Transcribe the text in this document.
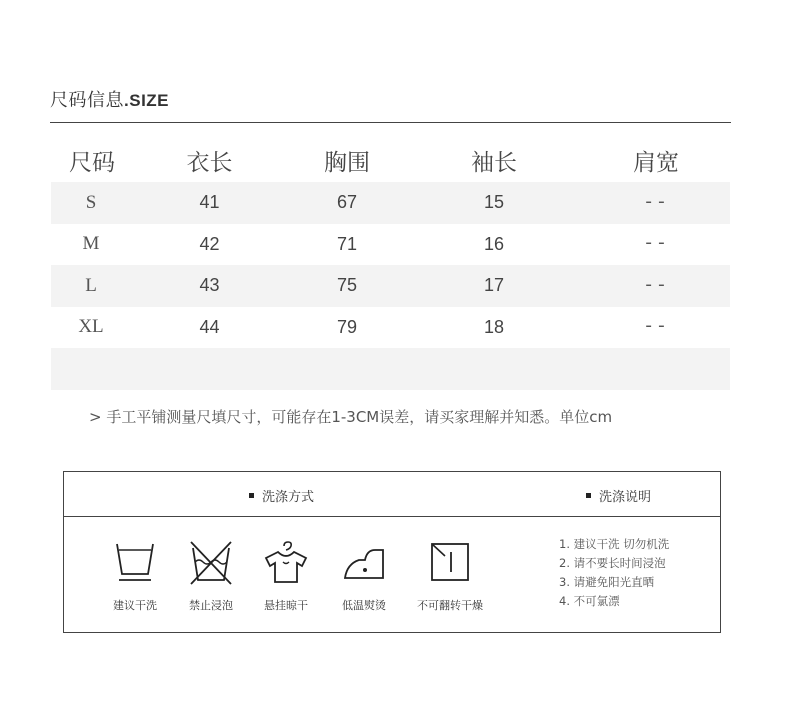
尺码信息.SIZE
尺码	衣长	胸围	袖长	肩宽
S	41	67	15	--
M	42	71	16	--
L	43	75	17	--
XL	44	79	18	--
> 手工平铺测量尺填尺寸，可能存在1-3CM误差，请买家理解并知悉。单位cm
洗涤方式	洗涤说明
建议干洗	禁止浸泡	悬挂晾干	低温熨烫	不可翻转干燥
1. 建议干洗 切勿机洗
2. 请不要长时间浸泡
3. 请避免阳光直晒
4. 不可氯漂
